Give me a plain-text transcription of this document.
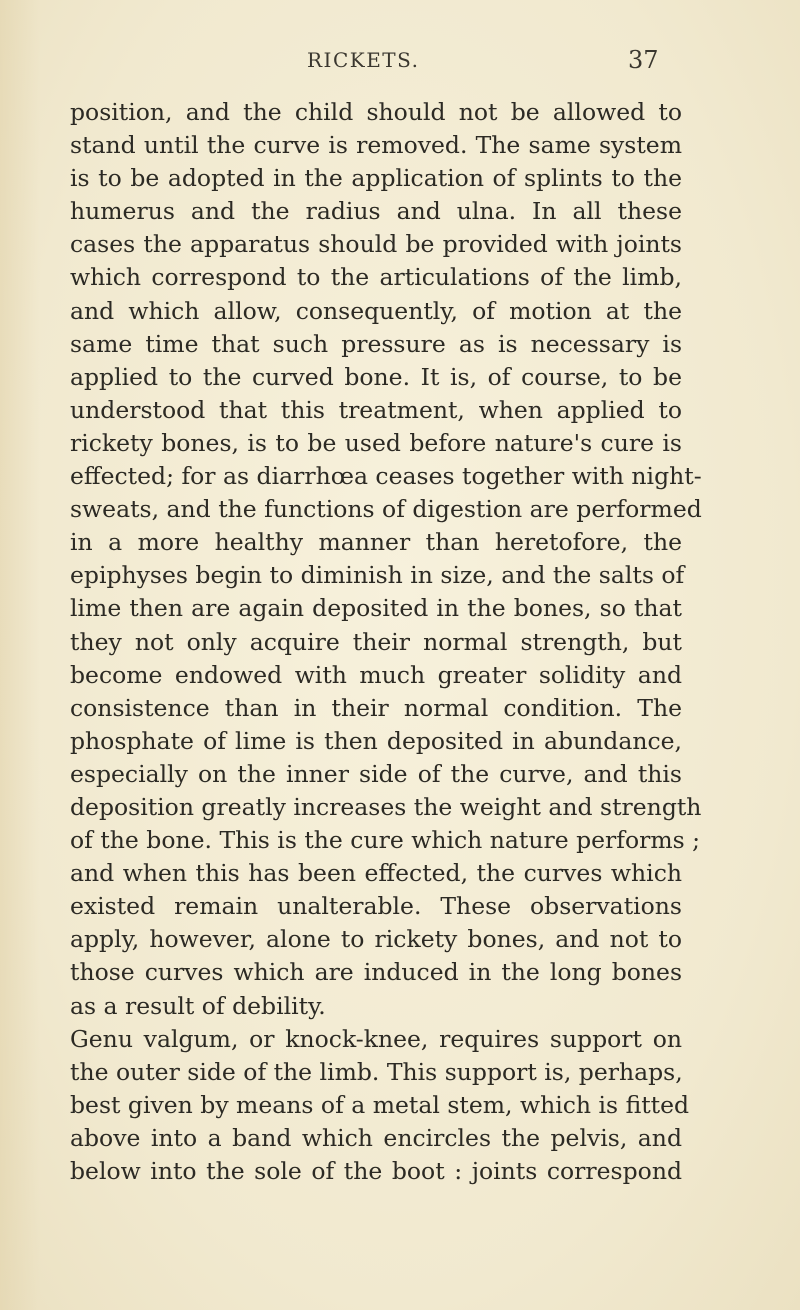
RICKETS.	37
position, and the child should not be allowed to
stand until the curve is removed. The same system
is to be adopted in the application of splints to the
humerus and the radius and ulna. In all these
cases the apparatus should be provided with joints
which correspond to the articulations of the limb,
and which allow, consequently, of motion at the
same time that such pressure as is necessary is
applied to the curved bone. It is, of course, to be
understood that this treatment, when applied to
rickety bones, is to be used before nature's cure is
effected; for as diarrhœa ceases together with night-
sweats, and the functions of digestion are performed
in a more healthy manner than heretofore, the
epiphyses begin to diminish in size, and the salts of
lime then are again deposited in the bones, so that
they not only acquire their normal strength, but
become endowed with much greater solidity and
consistence than in their normal condition. The
phosphate of lime is then deposited in abundance,
especially on the inner side of the curve, and this
deposition greatly increases the weight and strength
of the bone. This is the cure which nature performs ;
and when this has been effected, the curves which
existed remain unalterable. These observations
apply, however, alone to rickety bones, and not to
those curves which are induced in the long bones
as a result of debility.
Genu valgum, or knock-knee, requires support on
the outer side of the limb. This support is, perhaps,
best given by means of a metal stem, which is fitted
above into a band which encircles the pelvis, and
below into the sole of the boot : joints correspond
